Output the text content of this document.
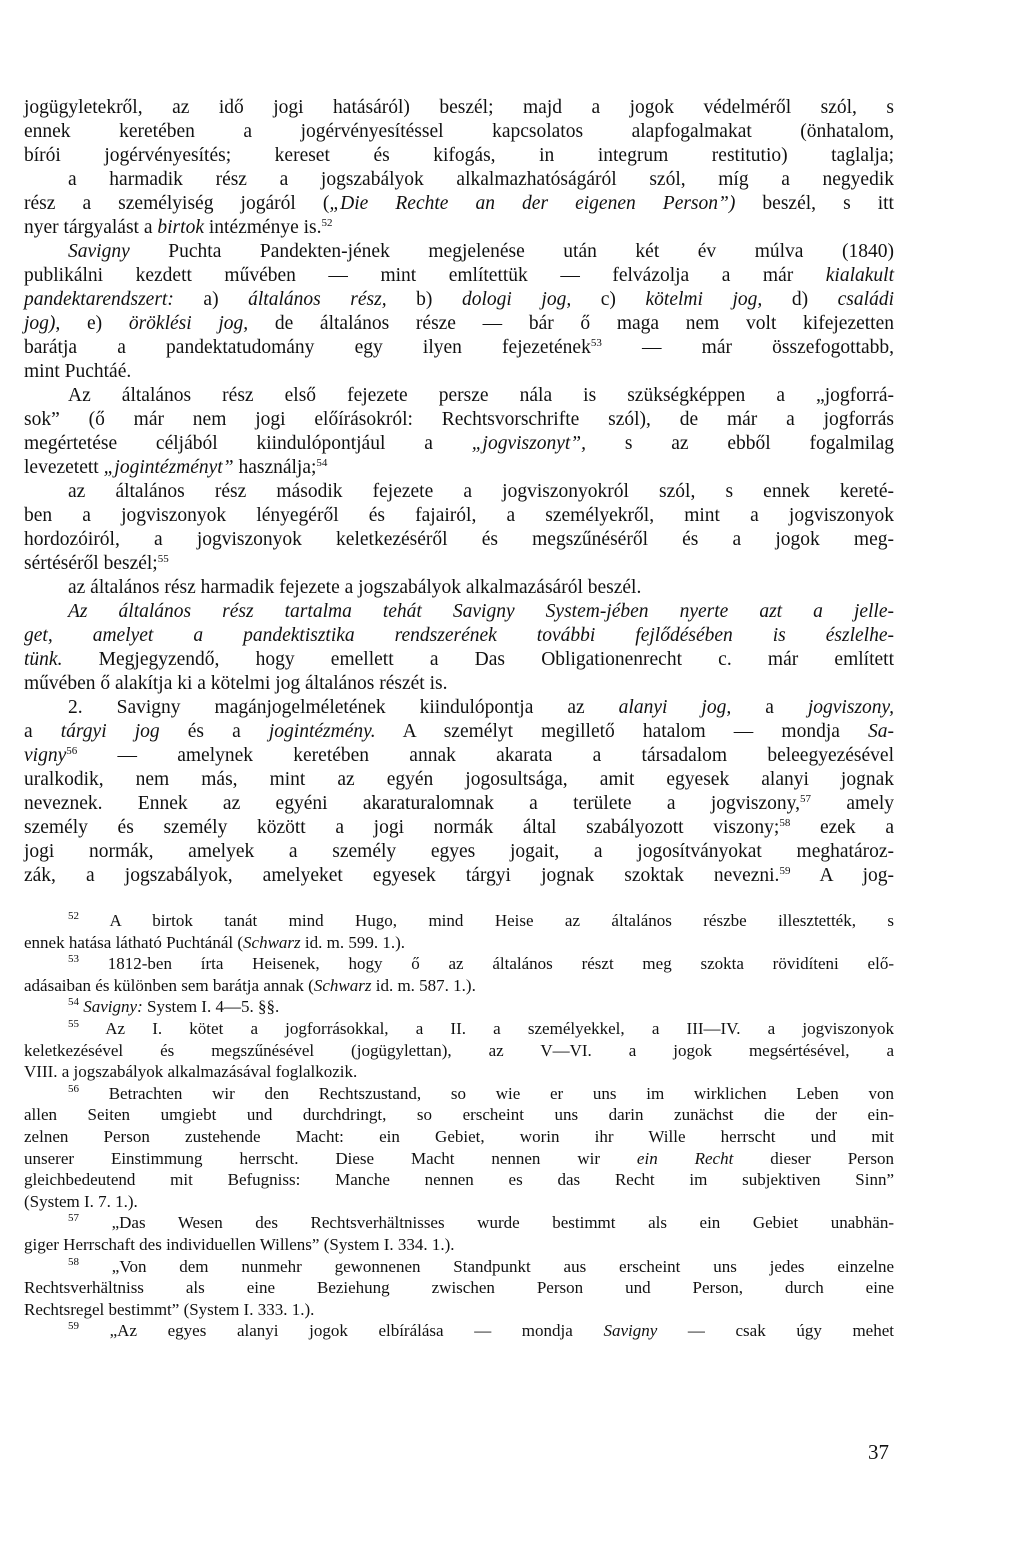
jogügyletekről, az idő jogi hatásáról) beszél; majd a jogok védelméről szól, s
ennek keretében a jogérvényesítéssel kapcsolatos alapfogalmakat (önhatalom,
bírói jogérvényesítés; kereset és kifogás, in integrum restitutio) taglalja;
a harmadik rész a jogszabályok alkalmazhatóságáról szól, míg a negyedik
rész a személyiség jogáról („Die Rechte an der eigenen Person”) beszél, s itt
nyer tárgyalást a birtok intézménye is.$^{52}$
Savigny Puchta Pandekten-jének megjelenése után két év múlva (1840)
publikálni kezdett művében — mint említettük — felvázolja a már kialakult
pandektarendszert: a) általános rész, b) dologi jog, c) kötelmi jog, d) családi
jog), e) öröklési jog, de általános része — bár ő maga nem volt kifejezetten
barátja a pandektatudomány egy ilyen fejezetének$^{53}$ — már összefogottabb,
mint Puchtáé.
Az általános rész első fejezete persze nála is szükségképpen a „jogforrá-
sok” (ő már nem jogi előírásokról: Rechtsvorschrifte szól), de már a jogforrás
megértetése céljából kiindulópontjául a „jogviszonyt”, s az ebből fogalmilag
levezetett „jogintézményt” használja;$^{54}$
az általános rész második fejezete a jogviszonyokról szól, s ennek kereté-
ben a jogviszonyok lényegéről és fajairól, a személyekről, mint a jogviszonyok
hordozóiról, a jogviszonyok keletkezéséről és megszűnéséről és a jogok meg-
sértéséről beszél;$^{55}$
az általános rész harmadik fejezete a jogszabályok alkalmazásáról beszél.
Az általános rész tartalma tehát Savigny System-jében nyerte azt a jelle-
get, amelyet a pandektisztika rendszerének további fejlődésében is észlelhe-
tünk. Megjegyzendő, hogy emellett a Das Obligationenrecht c. már említett
művében ő alakítja ki a kötelmi jog általános részét is.
2. Savigny magánjogelméletének kiindulópontja az alanyi jog, a jogviszony,
a tárgyi jog és a jogintézmény. A személyt megillető hatalom — mondja Sa-
vigny$^{56}$ — amelynek keretében annak akarata a társadalom beleegyezésével
uralkodik, nem más, mint az egyén jogosultsága, amit egyesek alanyi jognak
neveznek. Ennek az egyéni akaraturalomnak a területe a jogviszony,$^{57}$ amely
személy és személy között a jogi normák által szabályozott viszony;$^{58}$ ezek a
jogi normák, amelyek a személy egyes jogait, a jogosítványokat meghatároz-
zák, a jogszabályok, amelyeket egyesek tárgyi jognak szoktak nevezni.$^{59}$ A jog-
$^{52}$ A birtok tanát mind Hugo, mind Heise az általános részbe illesztették, s
ennek hatása látható Puchtánál (Schwarz id. m. 599. 1.).
$^{53}$ 1812-ben írta Heisenek, hogy ő az általános részt meg szokta rövidíteni elő-
adásaiban és különben sem barátja annak (Schwarz id. m. 587. 1.).
$^{54}$ Savigny: System I. 4—5. §§.
$^{55}$ Az I. kötet a jogforrásokkal, a II. a személyekkel, a III—IV. a jogviszonyok
keletkezésével és megszűnésével (jogügylettan), az V—VI. a jogok megsértésével, a
VIII. a jogszabályok alkalmazásával foglalkozik.
$^{56}$ Betrachten wir den Rechtszustand, so wie er uns im wirklichen Leben von
allen Seiten umgiebt und durchdringt, so erscheint uns darin zunächst die der ein-
zelnen Person zustehende Macht: ein Gebiet, worin ihr Wille herrscht und mit
unserer Einstimmung herrscht. Diese Macht nennen wir ein Recht dieser Person
gleichbedeutend mit Befugniss: Manche nennen es das Recht im subjektiven Sinn”
(System I. 7. 1.).
$^{57}$ „Das Wesen des Rechtsverhältnisses wurde bestimmt als ein Gebiet unabhän-
giger Herrschaft des individuellen Willens” (System I. 334. 1.).
$^{58}$ „Von dem nunmehr gewonnenen Standpunkt aus erscheint uns jedes einzelne
Rechtsverhältniss als eine Beziehung zwischen Person und Person, durch eine
Rechtsregel bestimmt” (System I. 333. 1.).
$^{59}$ „Az egyes alanyi jogok elbírálása — mondja Savigny — csak úgy mehet
37
